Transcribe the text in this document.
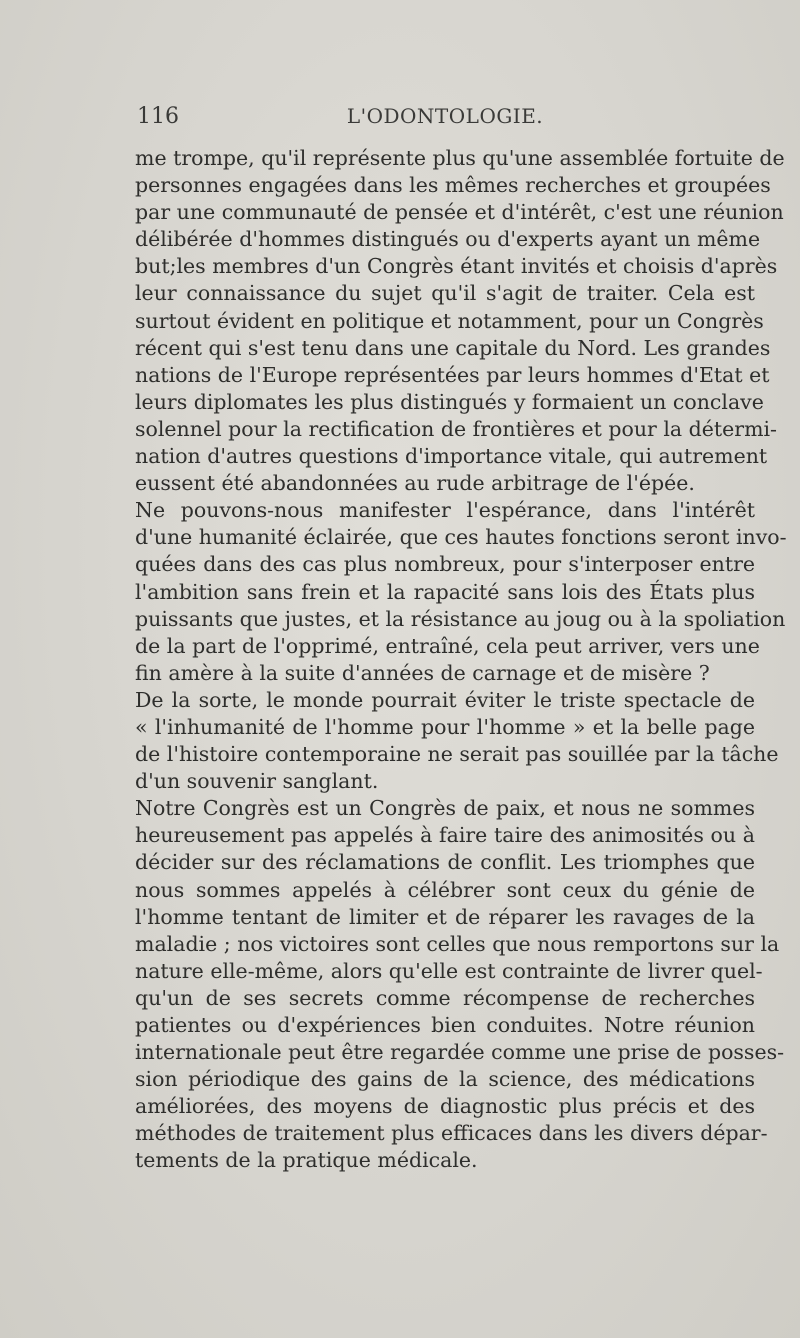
116	L'ODONTOLOGIE.
me trompe, qu'il représente plus qu'une assemblée fortuite de
personnes engagées dans les mêmes recherches et groupées
par une communauté de pensée et d'intérêt, c'est une réunion
délibérée d'hommes distingués ou d'experts ayant un même
but;les membres d'un Congrès étant invités et choisis d'après
leur connaissance du sujet qu'il s'agit de traiter. Cela est
surtout évident en politique et notamment, pour un Congrès
récent qui s'est tenu dans une capitale du Nord. Les grandes
nations de l'Europe représentées par leurs hommes d'Etat et
leurs diplomates les plus distingués y formaient un conclave
solennel pour la rectification de frontières et pour la détermi-
nation d'autres questions d'importance vitale, qui autrement
eussent été abandonnées au rude arbitrage de l'épée.
Ne pouvons-nous manifester l'espérance, dans l'intérêt
d'une humanité éclairée, que ces hautes fonctions seront invo-
quées dans des cas plus nombreux, pour s'interposer entre
l'ambition sans frein et la rapacité sans lois des États plus
puissants que justes, et la résistance au joug ou à la spoliation
de la part de l'opprimé, entraîné, cela peut arriver, vers une
fin amère à la suite d'années de carnage et de misère ?
De la sorte, le monde pourrait éviter le triste spectacle de
« l'inhumanité de l'homme pour l'homme » et la belle page
de l'histoire contemporaine ne serait pas souillée par la tâche
d'un souvenir sanglant.
Notre Congrès est un Congrès de paix, et nous ne sommes
heureusement pas appelés à faire taire des animosités ou à
décider sur des réclamations de conflit. Les triomphes que
nous sommes appelés à célébrer sont ceux du génie de
l'homme tentant de limiter et de réparer les ravages de la
maladie ; nos victoires sont celles que nous remportons sur la
nature elle-même, alors qu'elle est contrainte de livrer quel-
qu'un de ses secrets comme récompense de recherches
patientes ou d'expériences bien conduites. Notre réunion
internationale peut être regardée comme une prise de posses-
sion périodique des gains de la science, des médications
améliorées, des moyens de diagnostic plus précis et des
méthodes de traitement plus efficaces dans les divers dépar-
tements de la pratique médicale.
